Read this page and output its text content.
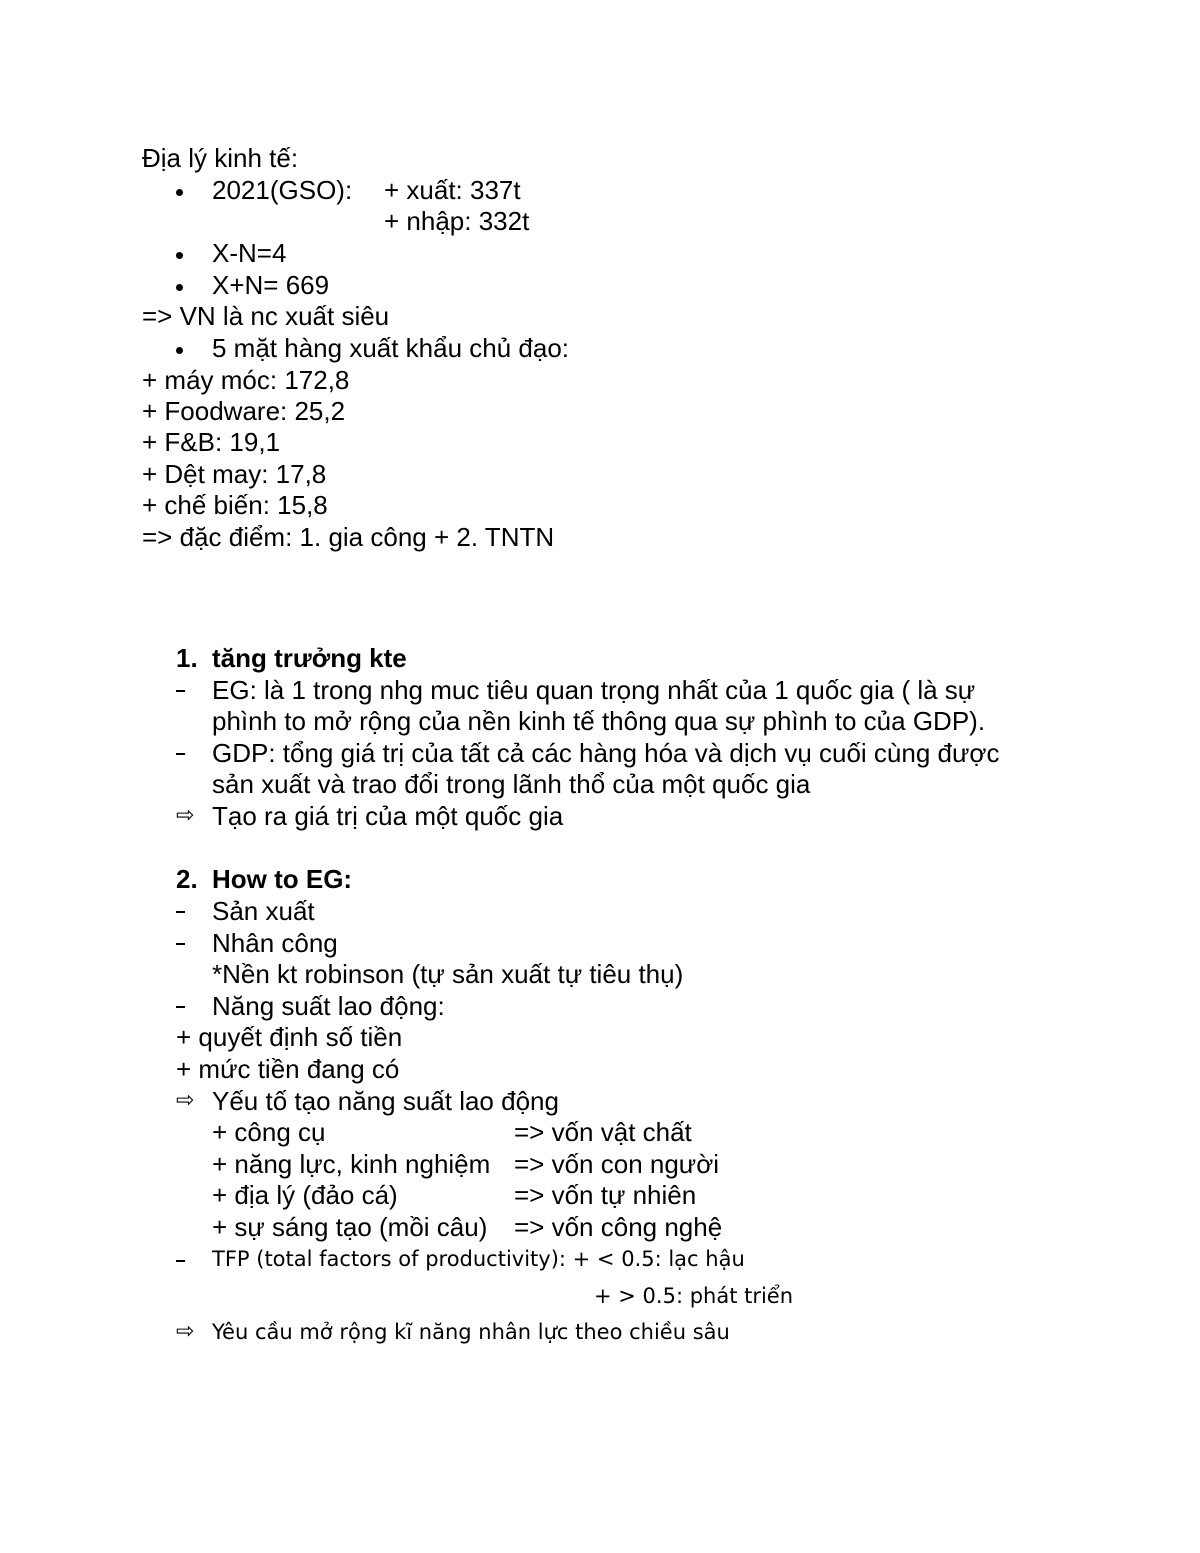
Địa lý kinh tế:
2021(GSO): + xuất: 337t
+ nhập: 332t
X-N=4
X+N= 669
=> VN là nc xuất siêu
5 mặt hàng xuất khẩu chủ đạo:
+ máy móc: 172,8
+ Foodware: 25,2
+ F&B: 19,1
+ Dệt may: 17,8
+ chế biến: 15,8
=> đặc điểm: 1. gia công + 2. TNTN
1. tăng trưởng kte
EG: là 1 trong nhg muc tiêu quan trọng nhất của 1 quốc gia ( là sự
phình to mở rộng của nền kinh tế thông qua sự phình to của GDP).
GDP: tổng giá trị của tất cả các hàng hóa và dịch vụ cuối cùng được
sản xuất và trao đổi trong lãnh thổ của một quốc gia
⇨ Tạo ra giá trị của một quốc gia
2. How to EG:
Sản xuất
Nhân công
*Nền kt robinson (tự sản xuất tự tiêu thụ)
Năng suất lao động:
+ quyết định số tiền
+ mức tiền đang có
⇨ Yếu tố tạo năng suất lao động
+ công cụ	=> vốn vật chất
+ năng lực, kinh nghiệm => vốn con người
+ địa lý (đảo cá)	=> vốn tự nhiên
+ sự sáng tạo (mồi câu) => vốn công nghệ
TFP (total factors of productivity): + < 0.5: lạc hậu
+ > 0.5: phát triển
⇨ Yêu cầu mở rộng kĩ năng nhân lực theo chiều sâu
